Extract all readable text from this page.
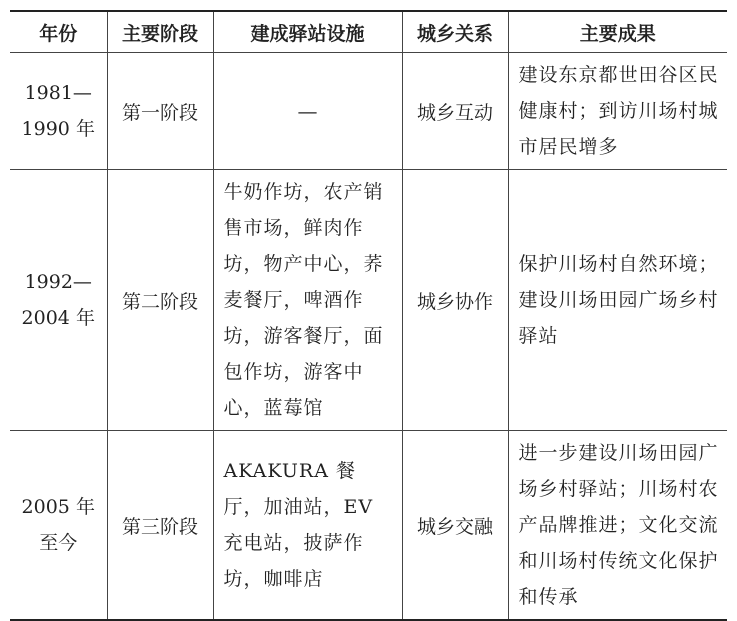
年份	主要阶段	建成驿站设施	城乡关系	主要成果
1981—
1990 年	第一阶段	—	城乡互动	建设东京都世田谷区民健康村；到访川场村城市居民增多
1992—
2004 年	第二阶段	牛奶作坊，农产销售市场，鲜肉作坊，物产中心，荞麦餐厅，啤酒作坊，游客餐厅，面包作坊，游客中心，蓝莓馆	城乡协作	保护川场村自然环境；建设川场田园广场乡村驿站
2005 年
至今	第三阶段	AKAKURA 餐厅，加油站，EV 充电站，披萨作坊，咖啡店	城乡交融	进一步建设川场田园广场乡村驿站；川场村农产品牌推进；文化交流和川场村传统文化保护和传承
